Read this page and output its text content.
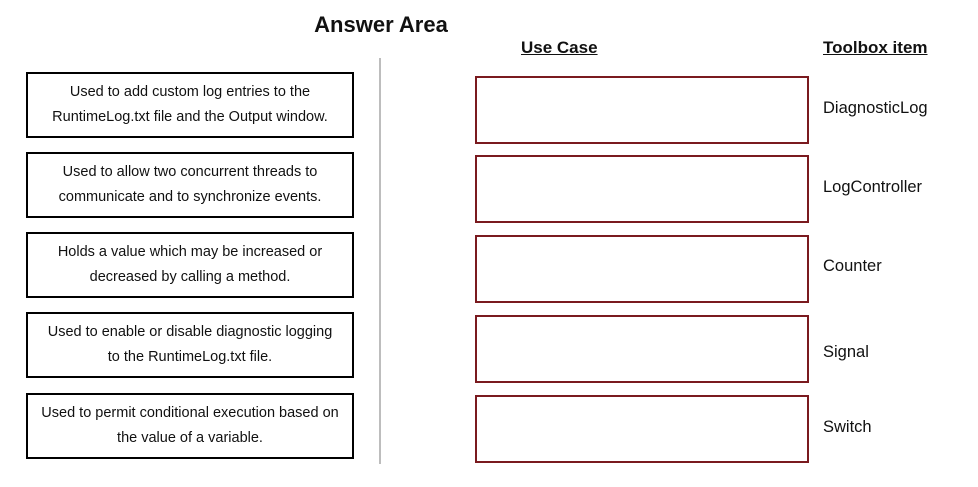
Answer Area
Use Case	Toolbox item
Used to add custom log entries to the RuntimeLog.txt file and the Output window.
Used to allow two concurrent threads to communicate and to synchronize events.
Holds a value which may be increased or decreased by calling a method.
Used to enable or disable diagnostic logging to the RuntimeLog.txt file.
Used to permit conditional execution based on the value of a variable.
DiagnosticLog
LogController
Counter
Signal
Switch
